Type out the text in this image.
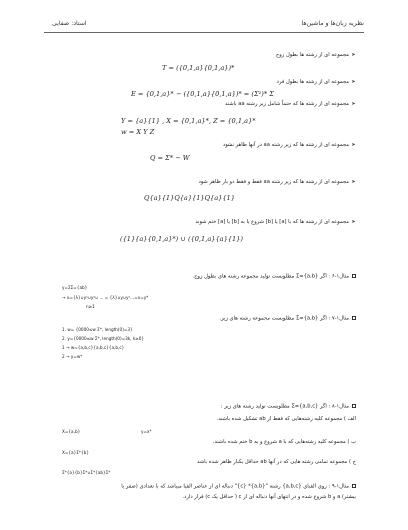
نظریه زبان‌ها و ماشین‌ها
استاد: صفایی
➤مجموعه ای از رشته ها بطول زوج
T = ({0,1,a}{0,1,a})*
➤مجموعه ای از رشته ها بطول فرد
E = {0,1,a}* − ({0,1,a}{0,1,a})* = (Σ²)* Σ
➤مجموعه ای از رشته ها که حتماً شامل زیر رشته aa باشند
Y = {a}{1} , X = {0,1,a}*, Z = {0,1,a}*
w = X Y Z
➤مجموعه ای از رشته ها که زیر رشته aa در آنها ظاهر نشود
Q = Σ* − W
➤مجموعه ای از رشته ها که زیر رشته aa فقط و فقط دو بار ظاهر شود
Q{a}{1}Q{a}{1}Q{a}{1}
➤مجموعه ای از رشته ها که با [a] یا [b] شروع یا به [b] یا [a] ختم شوند
({1}{a}{0,1,a}*) ∪ ({0,1,a}{a}{1})
مثال۱-۶ : اگر {a,b}=Σ مطلوبست تولید مجموعه رشته های بطول زوج.
y=ΣΣ={ab}
→ x={λ}∪y¹∪y²∪ ... = {λ}∪y∪y²...=x=y*
n≥1
مثال۱-۷ : اگر {a,b}=Σ مطلوبست مجموعه رشته های زیر.
1. w= {0000≤w Σ*, length(0)=3}
2. y={0000≤w Σ*, length(0)=3k, k≥0}
1 → w={a,b,c}{a,b,c}{a,b,c}
2 → y=w*
مثال۱-۸ : اگر {a,b,c}=Σ مطلوبست تولید رشته های زیر :
الف ) مجموعه کلیه رشته‌هایی که فقط از ab تشکیل شده باشند.
X={a,b}	y=x*
ب ) مجموعه کلیه رشته‌هایی که با a شروع و به b ختم شده باشند.
X={a}Σ*{b}
ج ) مجموعه تمامی رشته هایی که در آنها ab حداقل یکبار ظاهر شده باشد
Σ*{a}{b}Σ*∪Σ*{ab}Σ*
مثال۱-۹ : روی الفبای {a,b,c} رشته "{a,b}* {c}" دنباله ای از عناصر الفبا میباشد که با تعدادی (صفر یا
بیشتر) a و b شروع شده و در انتهای آنها دنباله ای از c ( حداقل یک c) قرار دارد.
